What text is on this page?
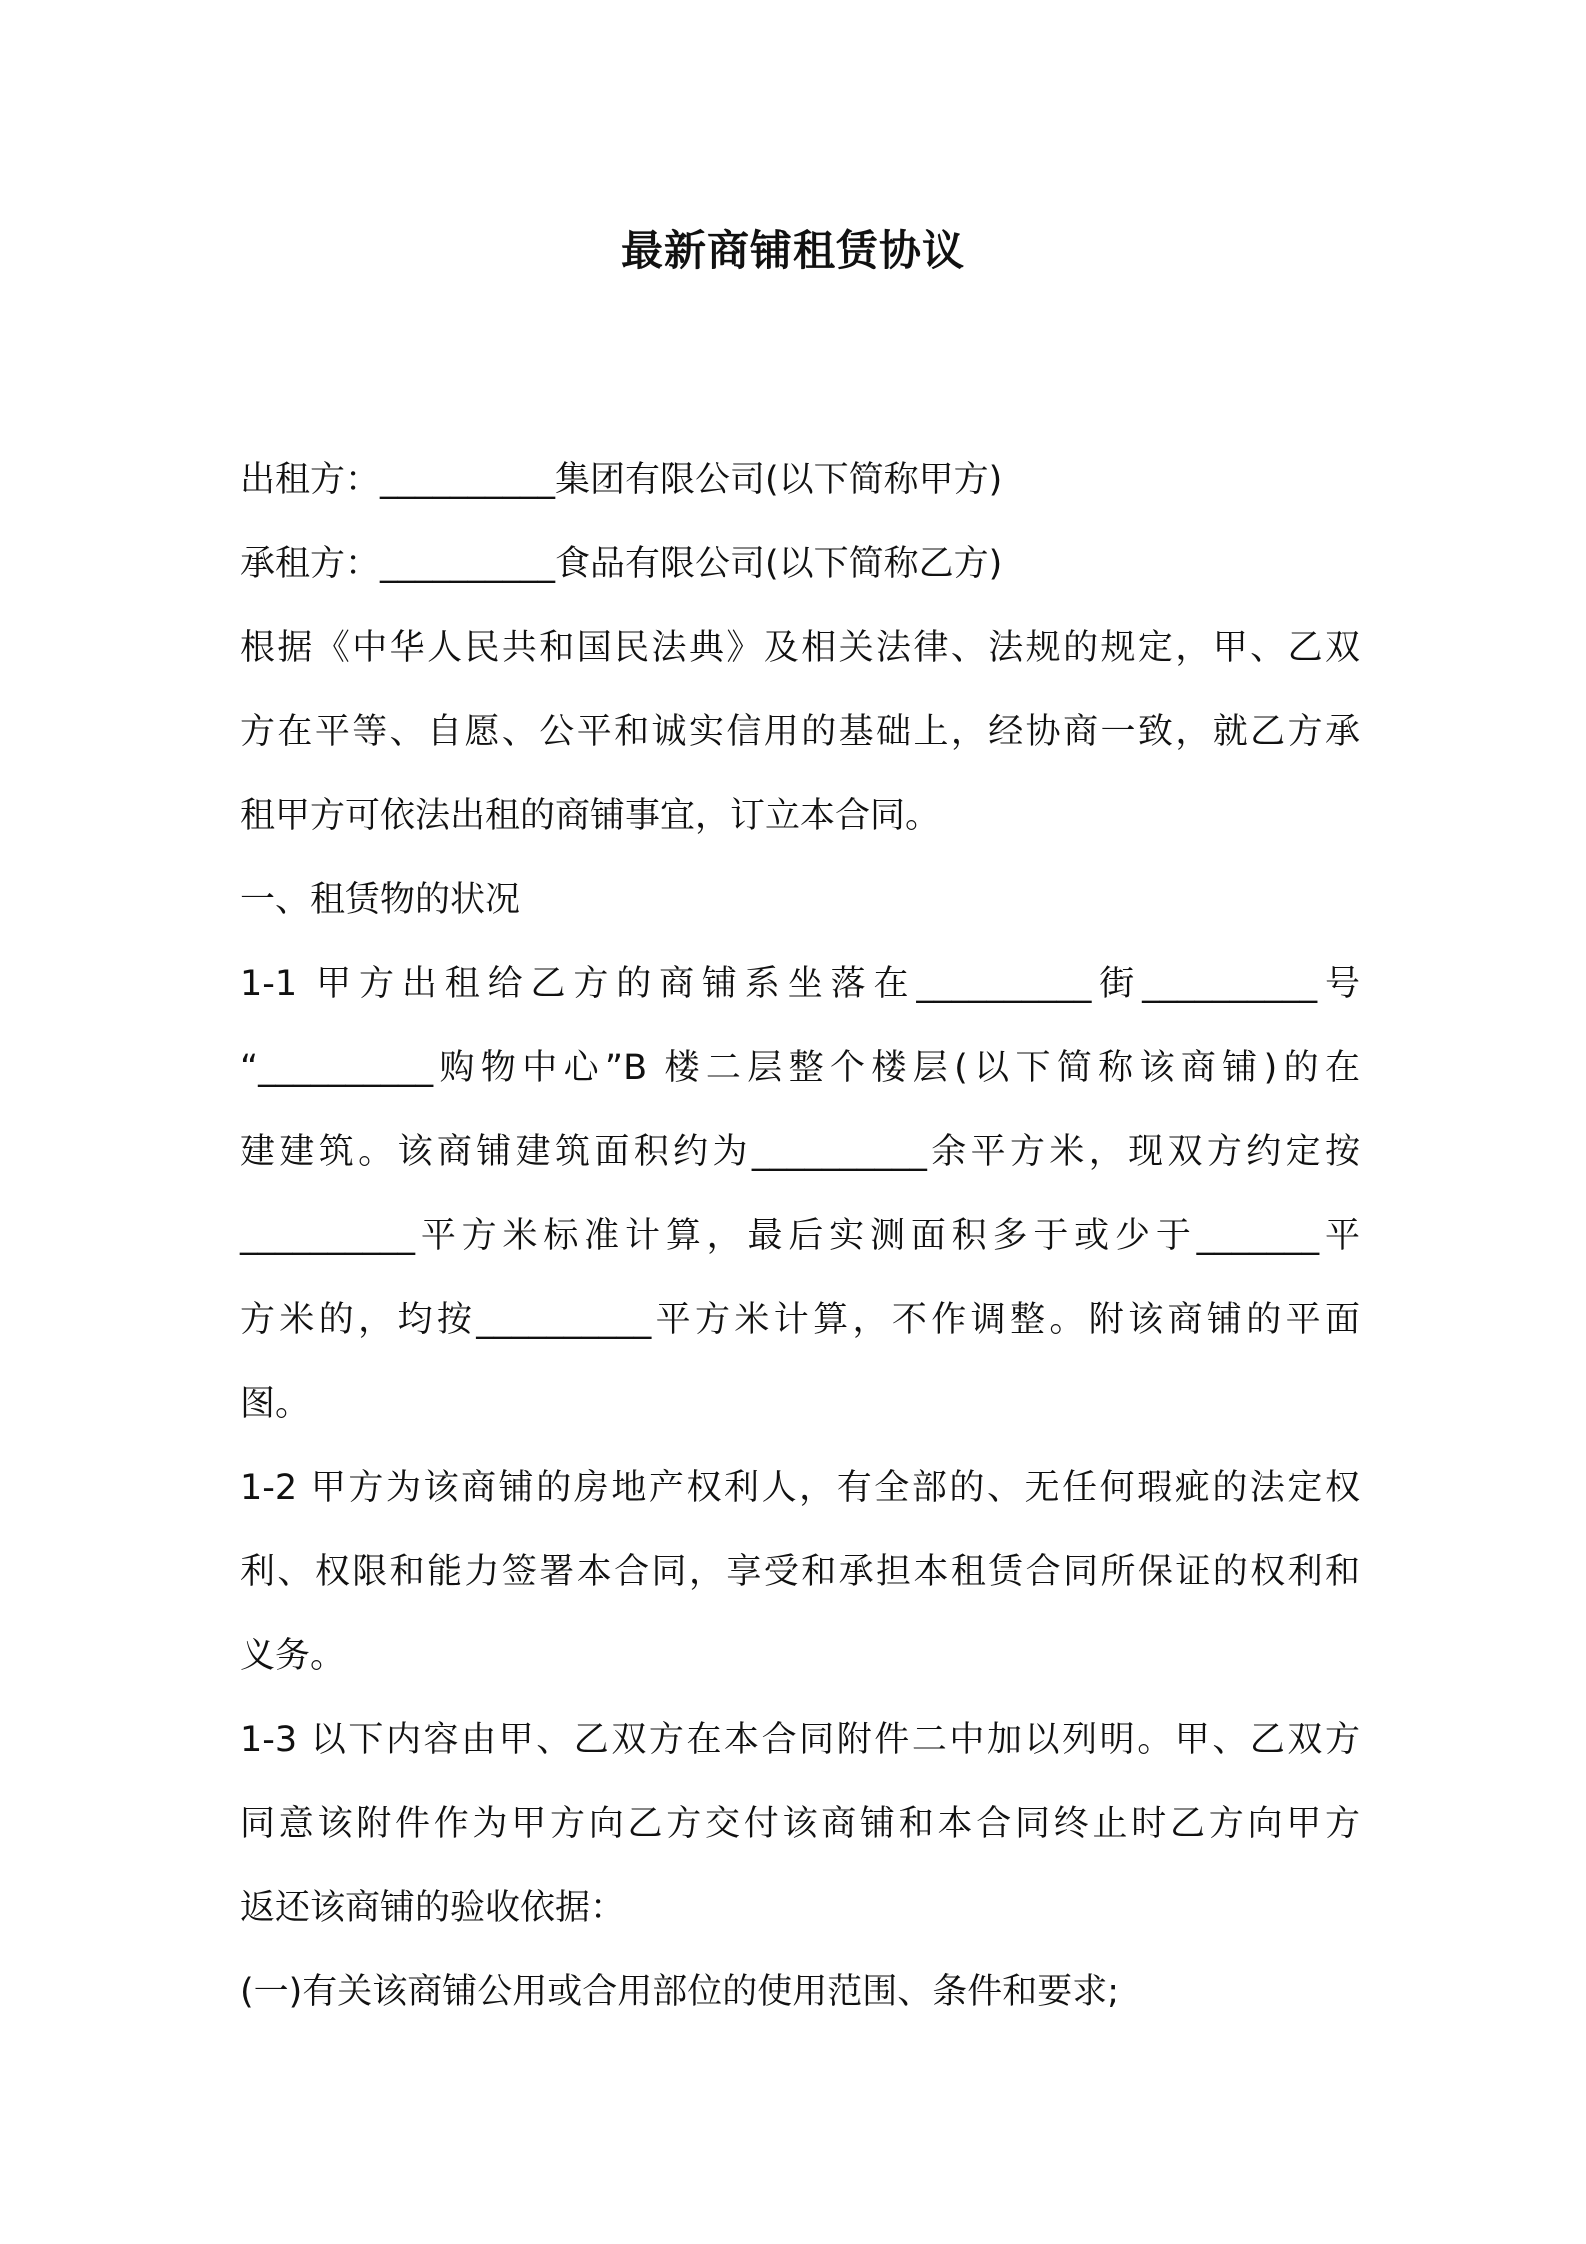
最新商铺租赁协议

出租方：__________集团有限公司(以下简称甲方)

承租方：__________食品有限公司(以下简称乙方)

根据《中华人民共和国民法典》及相关法律、法规的规定，甲、乙双

方在平等、自愿、公平和诚实信用的基础上，经协商一致，就乙方承

租甲方可依法出租的商铺事宜，订立本合同。

一、租赁物的状况

1-1 甲方出租给乙方的商铺系坐落在__________街__________号

“__________购物中心”B 楼二层整个楼层(以下简称该商铺)的在

建建筑。该商铺建筑面积约为__________余平方米，现双方约定按

__________平方米标准计算，最后实测面积多于或少于_______平

方米的，均按__________平方米计算，不作调整。附该商铺的平面

图。

1-2 甲方为该商铺的房地产权利人，有全部的、无任何瑕疵的法定权

利、权限和能力签署本合同，享受和承担本租赁合同所保证的权利和

义务。

1-3 以下内容由甲、乙双方在本合同附件二中加以列明。甲、乙双方

同意该附件作为甲方向乙方交付该商铺和本合同终止时乙方向甲方

返还该商铺的验收依据：

(一)有关该商铺公用或合用部位的使用范围、条件和要求;
